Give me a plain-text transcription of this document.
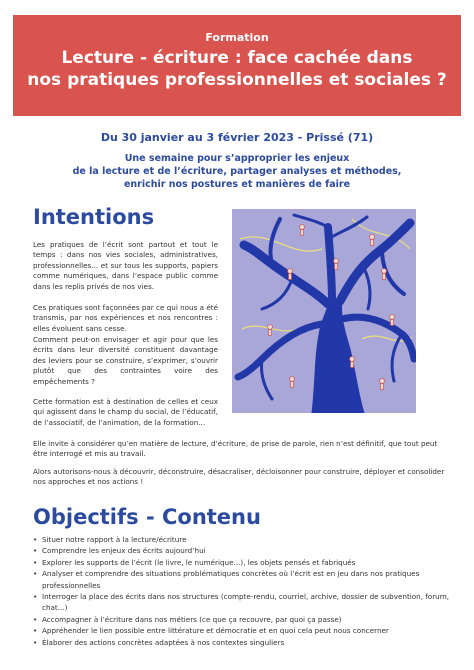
Formation
Lecture - écriture : face cachée dans
nos pratiques professionnelles et sociales ?
Du 30 janvier au 3 février 2023 - Prissé (71)
Une semaine pour s’approprier les enjeux
de la lecture et de l’écriture, partager analyses et méthodes,
enrichir nos postures et manières de faire
Intentions
Les pratiques de l’écrit sont partout et tout le temps : dans nos vies sociales, administratives, professionnelles... et sur tous les supports, papiers comme numériques, dans l’espace public comme dans les replis privés de nos vies.
Ces pratiques sont façonnées par ce qui nous a été transmis, par nos expériences et nos rencontres : elles évoluent sans cesse.
Comment peut-on envisager et agir pour que les écrits dans leur diversité constituent davantage des leviers pour se construire, s’exprimer, s’ouvrir plutôt que des contraintes voire des empêchements ?
Cette formation est à destination de celles et ceux qui agissent dans le champ du social, de l’éducatif, de l’associatif, de l’animation, de la formation...
Elle invite à considérer qu’en matière de lecture, d’écriture, de prise de parole, rien n’est définitif, que tout peut être interrogé et mis au travail.
Alors autorisons-nous à découvrir, déconstruire, désacraliser, décloisonner pour construire, déployer et consolider nos approches et nos actions !
Objectifs - Contenu
• Situer notre rapport à la lecture/écriture
• Comprendre les enjeux des écrits aujourd’hui
• Explorer les supports de l’écrit (le livre, le numérique...), les objets pensés et fabriqués
• Analyser et comprendre des situations problématiques concrètes où l’écrit est en jeu dans nos pratiques professionnelles
• Interroger la place des écrits dans nos structures (compte-rendu, courriel, archive, dossier de subvention, forum, chat...)
• Accompagner à l’écriture dans nos métiers (ce que ça recouvre, par quoi ça passe)
• Appréhender le lien possible entre littérature et démocratie et en quoi cela peut nous concerner
• Élaborer des actions concrètes adaptées à nos contextes singuliers
